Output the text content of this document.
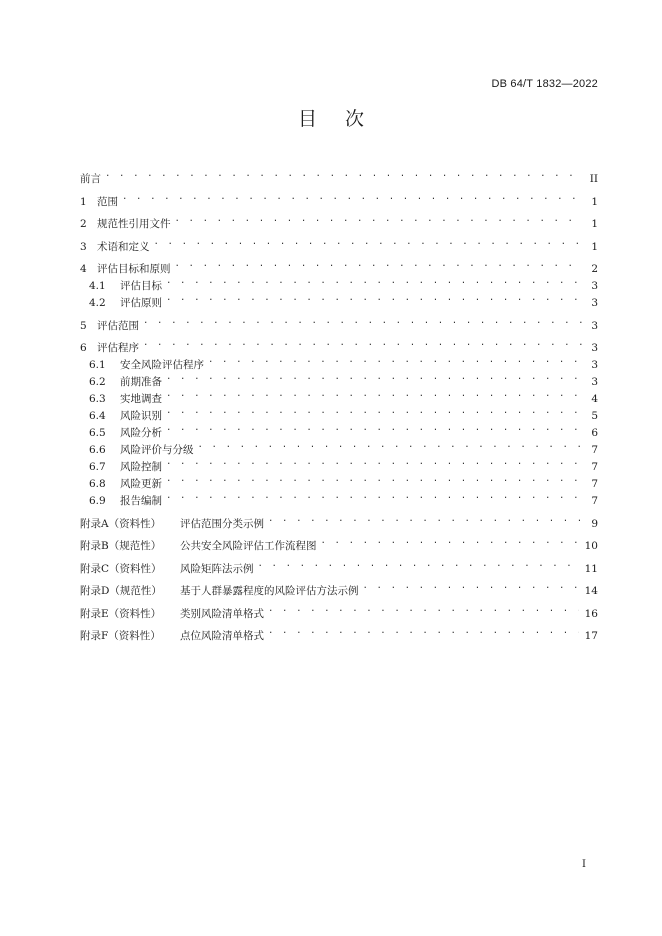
DB 64/T 1832—2022
目 次
前言 . . .	II
1 范围 . . .	1
2 规范性引用文件 . . .	1
3 术语和定义 . . .	1
4 评估目标和原则 . . .	2
4.1	评估目标 . . .	3
4.2	评估原则 . . .	3
5 评估范围 . . .	3
6 评估程序 . . .	3
6.1	安全风险评估程序 . . .	3
6.2	前期准备 . . .	3
6.3	实地调查 . . .	4
6.4	风险识别 . . .	5
6.5	风险分析 . . .	6
6.6	风险评价与分级 . . .	7
6.7	风险控制 . . .	7
6.8	风险更新 . . .	7
6.9	报告编制 . . .	7
附录A（资料性）	评估范围分类示例 . . .	9
附录B（规范性）	公共安全风险评估工作流程图 . . .	10
附录C（资料性）	风险矩阵法示例 . . .	11
附录D（规范性）	基于人群暴露程度的风险评估方法示例 . . .	14
附录E（资料性）	类别风险清单格式 . . .	16
附录F（资料性）	点位风险清单格式 . . .	17
I
